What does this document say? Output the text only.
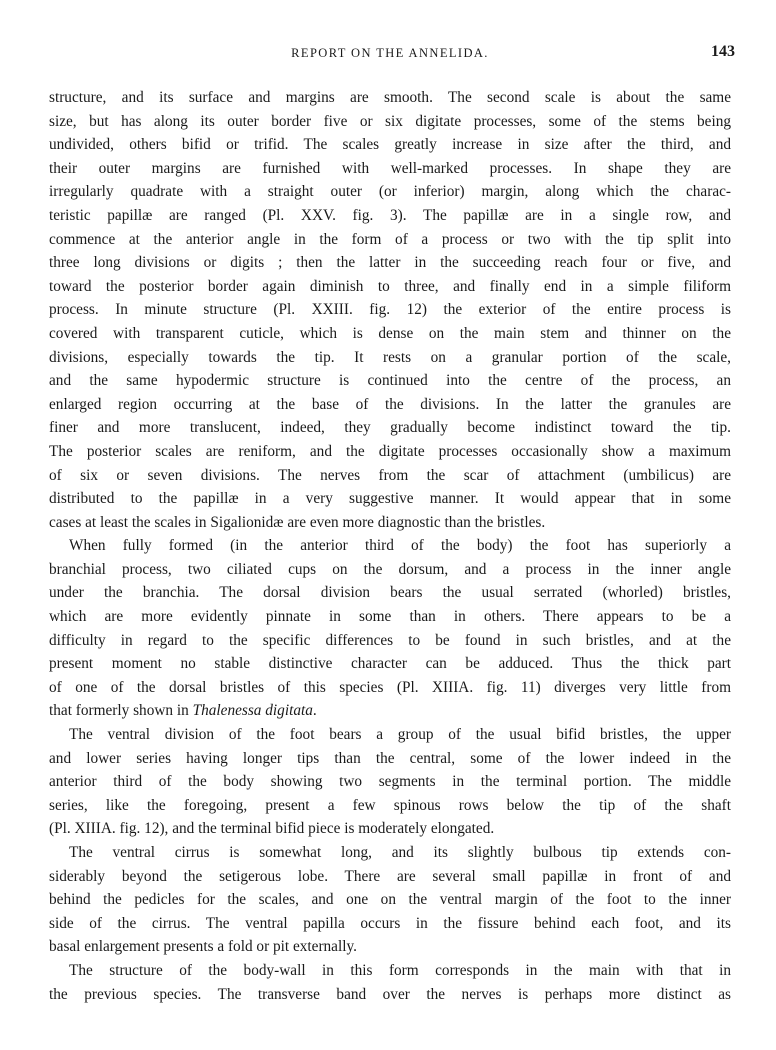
REPORT ON THE ANNELIDA.	143
structure, and its surface and margins are smooth. The second scale is about the same
size, but has along its outer border five or six digitate processes, some of the stems being
undivided, others bifid or trifid. The scales greatly increase in size after the third, and
their outer margins are furnished with well-marked processes. In shape they are
irregularly quadrate with a straight outer (or inferior) margin, along which the charac-
teristic papillæ are ranged (Pl. XXV. fig. 3). The papillæ are in a single row, and
commence at the anterior angle in the form of a process or two with the tip split into
three long divisions or digits ; then the latter in the succeeding reach four or five, and
toward the posterior border again diminish to three, and finally end in a simple filiform
process. In minute structure (Pl. XXIII. fig. 12) the exterior of the entire process is
covered with transparent cuticle, which is dense on the main stem and thinner on the
divisions, especially towards the tip. It rests on a granular portion of the scale,
and the same hypodermic structure is continued into the centre of the process, an
enlarged region occurring at the base of the divisions. In the latter the granules are
finer and more translucent, indeed, they gradually become indistinct toward the tip.
The posterior scales are reniform, and the digitate processes occasionally show a maximum
of six or seven divisions. The nerves from the scar of attachment (umbilicus) are
distributed to the papillæ in a very suggestive manner. It would appear that in some
cases at least the scales in Sigalionidæ are even more diagnostic than the bristles.
When fully formed (in the anterior third of the body) the foot has superiorly a
branchial process, two ciliated cups on the dorsum, and a process in the inner angle
under the branchia. The dorsal division bears the usual serrated (whorled) bristles,
which are more evidently pinnate in some than in others. There appears to be a
difficulty in regard to the specific differences to be found in such bristles, and at the
present moment no stable distinctive character can be adduced. Thus the thick part
of one of the dorsal bristles of this species (Pl. XIIIA. fig. 11) diverges very little from
that formerly shown in Thalenessa digitata.
The ventral division of the foot bears a group of the usual bifid bristles, the upper
and lower series having longer tips than the central, some of the lower indeed in the
anterior third of the body showing two segments in the terminal portion. The middle
series, like the foregoing, present a few spinous rows below the tip of the shaft
(Pl. XIIIA. fig. 12), and the terminal bifid piece is moderately elongated.
The ventral cirrus is somewhat long, and its slightly bulbous tip extends con-
siderably beyond the setigerous lobe. There are several small papillæ in front of and
behind the pedicles for the scales, and one on the ventral margin of the foot to the inner
side of the cirrus. The ventral papilla occurs in the fissure behind each foot, and its
basal enlargement presents a fold or pit externally.
The structure of the body-wall in this form corresponds in the main with that in
the previous species. The transverse band over the nerves is perhaps more distinct as
